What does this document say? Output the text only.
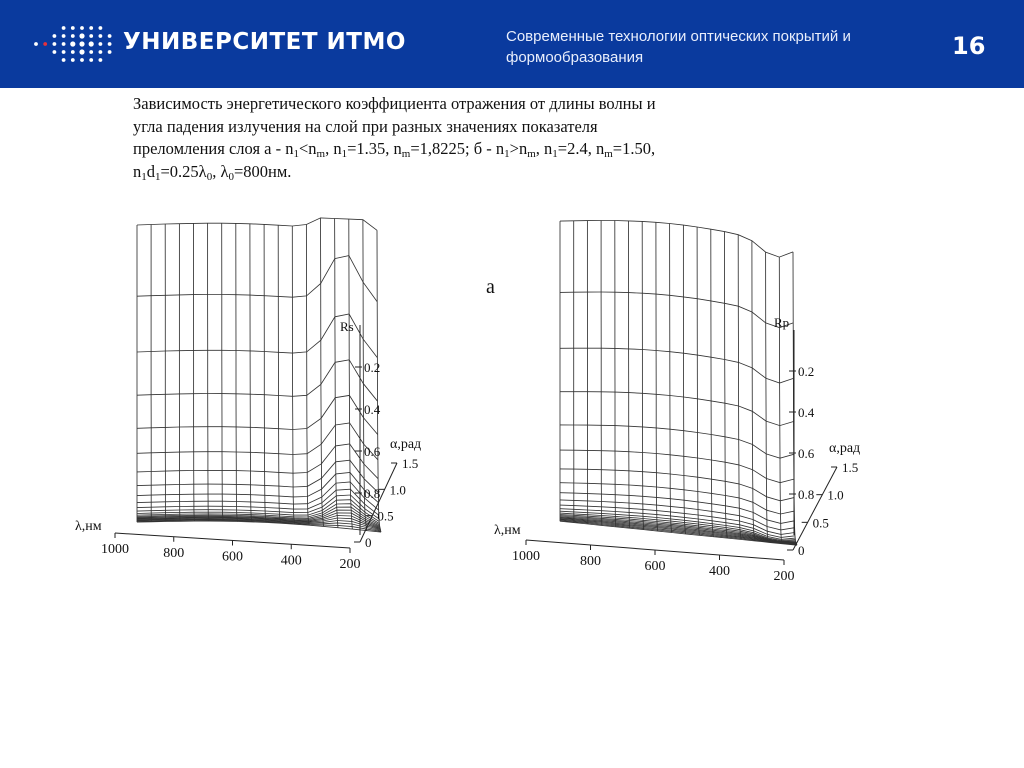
УНИВЕРСИТЕТ ИТМО	Современные технологии оптических покрытий и формообразования	16
Зависимость энергетического коэффициента отражения от длины волны и
угла падения излучения на слой при разных значениях показателя
преломления слоя $а - n_1<n_m$, $n_1=1.35$, $n_m=1,8225$; $б - n_1>n_m$, $n_1=2.4$, $n_m=1.50$,
$n_1d_1=0.25\lambda_0$, $\lambda_0=800нм$.
1000 800	600	400	200
λ,нм
0
0.5
1.0
1.5
α,рад
0.2
0.4
0.6
0.8
Rs
а
1000	800	600	400	200
λ,нм
0
0.5
1.0
1.5
α,рад
0.2
0.4
0.6
0.8
Rp
